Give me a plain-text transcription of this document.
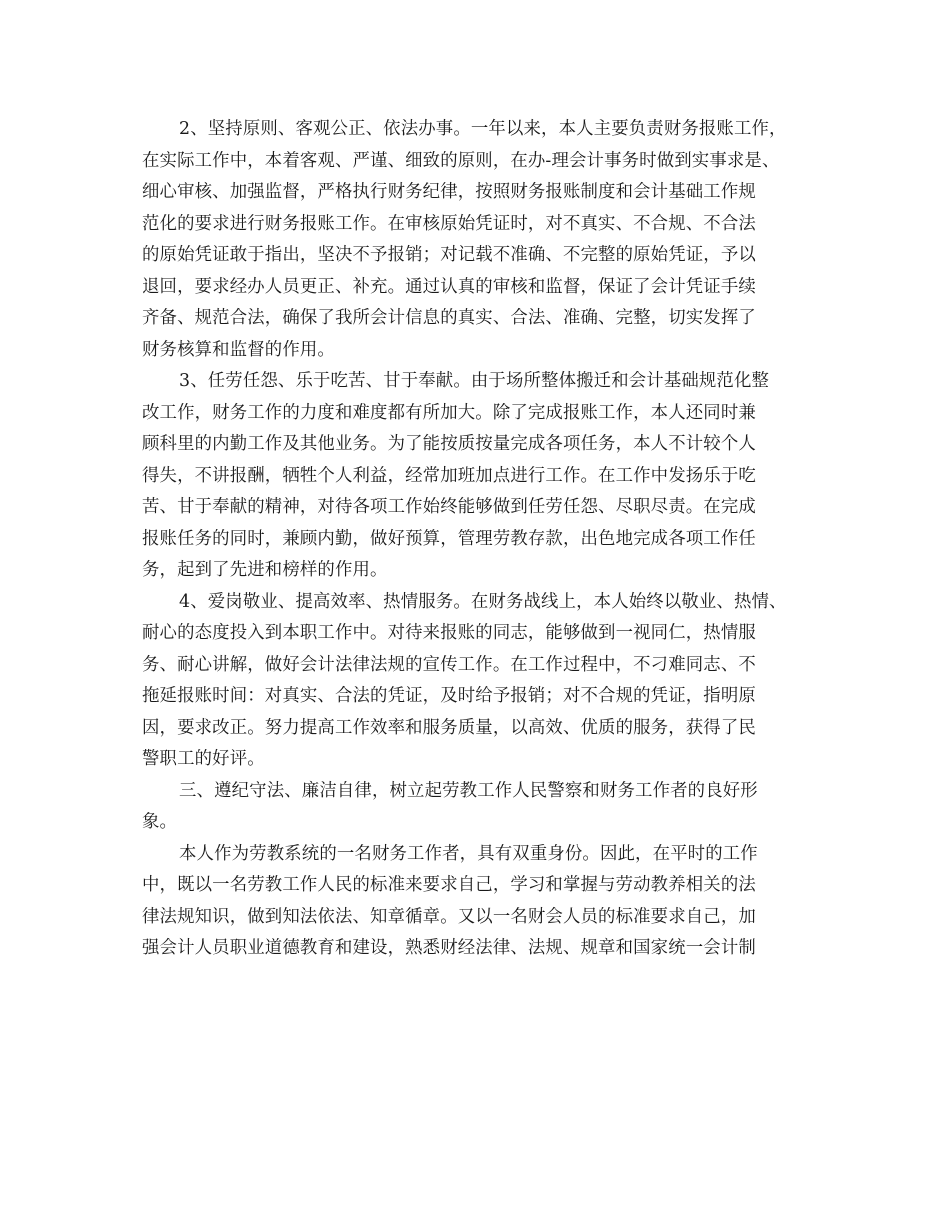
2、坚持原则、客观公正、依法办事。一年以来，本人主要负责财务报账工作，
在实际工作中，本着客观、严谨、细致的原则，在办-理会计事务时做到实事求是、
细心审核、加强监督，严格执行财务纪律，按照财务报账制度和会计基础工作规
范化的要求进行财务报账工作。在审核原始凭证时，对不真实、不合规、不合法
的原始凭证敢于指出，坚决不予报销；对记载不准确、不完整的原始凭证，予以
退回，要求经办人员更正、补充。通过认真的审核和监督，保证了会计凭证手续
齐备、规范合法，确保了我所会计信息的真实、合法、准确、完整，切实发挥了
财务核算和监督的作用。
3、任劳任怨、乐于吃苦、甘于奉献。由于场所整体搬迁和会计基础规范化整
改工作，财务工作的力度和难度都有所加大。除了完成报账工作，本人还同时兼
顾科里的内勤工作及其他业务。为了能按质按量完成各项任务，本人不计较个人
得失，不讲报酬，牺牲个人利益，经常加班加点进行工作。在工作中发扬乐于吃
苦、甘于奉献的精神，对待各项工作始终能够做到任劳任怨、尽职尽责。在完成
报账任务的同时，兼顾内勤，做好预算，管理劳教存款，出色地完成各项工作任
务，起到了先进和榜样的作用。
4、爱岗敬业、提高效率、热情服务。在财务战线上，本人始终以敬业、热情、
耐心的态度投入到本职工作中。对待来报账的同志，能够做到一视同仁，热情服
务、耐心讲解，做好会计法律法规的宣传工作。在工作过程中，不刁难同志、不
拖延报账时间：对真实、合法的凭证，及时给予报销；对不合规的凭证，指明原
因，要求改正。努力提高工作效率和服务质量，以高效、优质的服务，获得了民
警职工的好评。
三、遵纪守法、廉洁自律，树立起劳教工作人民警察和财务工作者的良好形
象。
本人作为劳教系统的一名财务工作者，具有双重身份。因此，在平时的工作
中，既以一名劳教工作人民的标准来要求自己，学习和掌握与劳动教养相关的法
律法规知识，做到知法依法、知章循章。又以一名财会人员的标准要求自己，加
强会计人员职业道德教育和建设，熟悉财经法律、法规、规章和国家统一会计制
